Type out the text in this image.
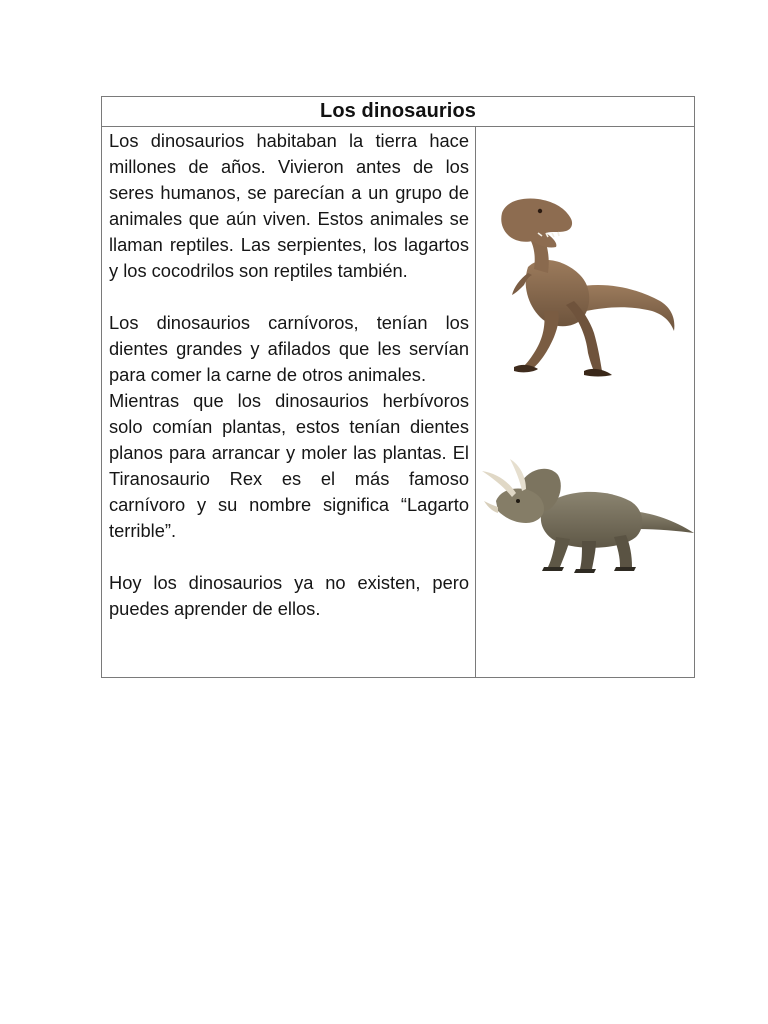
Los dinosaurios

Los dinosaurios habitaban la tierra hace millones de años. Vivieron antes de los seres humanos, se parecían a un grupo de animales que aún viven. Estos animales se llaman reptiles. Las serpientes, los lagartos y los cocodrilos son reptiles también.

Los dinosaurios carnívoros, tenían los dientes grandes y afilados que les servían para comer la carne de otros animales.

Mientras que los dinosaurios herbívoros solo comían plantas, estos tenían dientes planos para arrancar y moler las plantas. El Tiranosaurio Rex es el más famoso carnívoro y su nombre significa “Lagarto terrible”.

Hoy los dinosaurios ya no existen, pero puedes aprender de ellos.
